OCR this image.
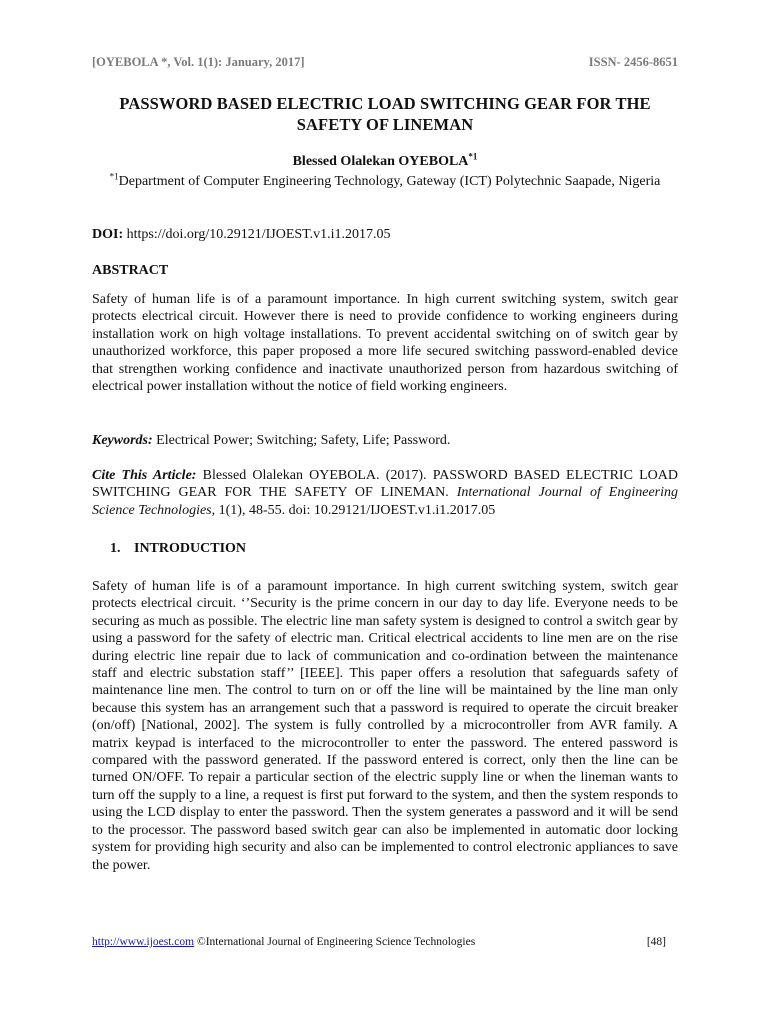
[OYEBOLA *, Vol. 1(1): January, 2017]	ISSN- 2456-8651
PASSWORD BASED ELECTRIC LOAD SWITCHING GEAR FOR THE
SAFETY OF LINEMAN
Blessed Olalekan OYEBOLA$^{*1}$
$^{*1}$Department of Computer Engineering Technology, Gateway (ICT) Polytechnic Saapade, Nigeria
DOI: https://doi.org/10.29121/IJOEST.v1.i1.2017.05
ABSTRACT
Safety of human life is of a paramount importance. In high current switching system, switch gear protects electrical circuit. However there is need to provide confidence to working engineers during installation work on high voltage installations. To prevent accidental switching on of switch gear by unauthorized workforce, this paper proposed a more life secured switching password-enabled device that strengthen working confidence and inactivate unauthorized person from hazardous switching of electrical power installation without the notice of field working engineers.
Keywords: Electrical Power; Switching; Safety, Life; Password.
Cite This Article: Blessed Olalekan OYEBOLA. (2017). PASSWORD BASED ELECTRIC LOAD SWITCHING GEAR FOR THE SAFETY OF LINEMAN. International Journal of Engineering Science Technologies, 1(1), 48-55. doi: 10.29121/IJOEST.v1.i1.2017.05
1. INTRODUCTION
Safety of human life is of a paramount importance. In high current switching system, switch gear protects electrical circuit. ‘’Security is the prime concern in our day to day life. Everyone needs to be securing as much as possible. The electric line man safety system is designed to control a switch gear by using a password for the safety of electric man. Critical electrical accidents to line men are on the rise during electric line repair due to lack of communication and co-ordination between the maintenance staff and electric substation staff’’ [IEEE]. This paper offers a resolution that safeguards safety of maintenance line men. The control to turn on or off the line will be maintained by the line man only because this system has an arrangement such that a password is required to operate the circuit breaker (on/off) [National, 2002]. The system is fully controlled by a microcontroller from AVR family. A matrix keypad is interfaced to the microcontroller to enter the password. The entered password is compared with the password generated. If the password entered is correct, only then the line can be turned ON/OFF. To repair a particular section of the electric supply line or when the lineman wants to turn off the supply to a line, a request is first put forward to the system, and then the system responds to using the LCD display to enter the password. Then the system generates a password and it will be send to the processor. The password based switch gear can also be implemented in automatic door locking system for providing high security and also can be implemented to control electronic appliances to save the power.
http://www.ijoest.com ©International Journal of Engineering Science Technologies	[48]
